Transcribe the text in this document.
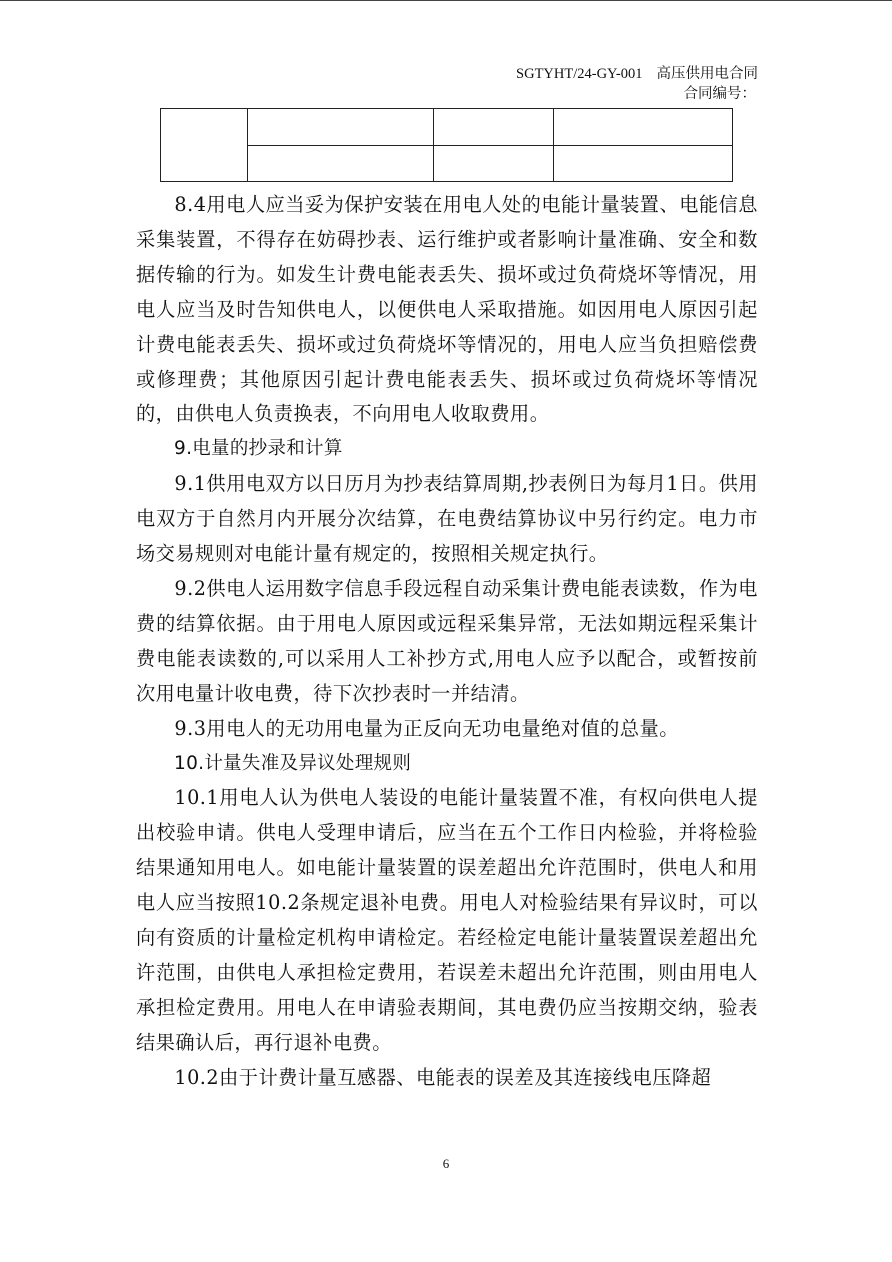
SGTYHT/24-GY-001 高压供用电合同
合同编号：

8.4用电人应当妥为保护安装在用电人处的电能计量装置、电能信息采集装置，不得存在妨碍抄表、运行维护或者影响计量准确、安全和数据传输的行为。如发生计费电能表丢失、损坏或过负荷烧坏等情况，用电人应当及时告知供电人，以便供电人采取措施。如因用电人原因引起计费电能表丢失、损坏或过负荷烧坏等情况的，用电人应当负担赔偿费或修理费；其他原因引起计费电能表丢失、损坏或过负荷烧坏等情况的，由供电人负责换表，不向用电人收取费用。

9.电量的抄录和计算

9.1供用电双方以日历月为抄表结算周期,抄表例日为每月1日。供用电双方于自然月内开展分次结算，在电费结算协议中另行约定。电力市场交易规则对电能计量有规定的，按照相关规定执行。

9.2供电人运用数字信息手段远程自动采集计费电能表读数，作为电费的结算依据。由于用电人原因或远程采集异常，无法如期远程采集计费电能表读数的,可以采用人工补抄方式,用电人应予以配合，或暂按前次用电量计收电费，待下次抄表时一并结清。

9.3用电人的无功用电量为正反向无功电量绝对值的总量。

10.计量失准及异议处理规则

10.1用电人认为供电人装设的电能计量装置不准，有权向供电人提出校验申请。供电人受理申请后，应当在五个工作日内检验，并将检验结果通知用电人。如电能计量装置的误差超出允许范围时，供电人和用电人应当按照10.2条规定退补电费。用电人对检验结果有异议时，可以向有资质的计量检定机构申请检定。若经检定电能计量装置误差超出允许范围，由供电人承担检定费用，若误差未超出允许范围，则由用电人承担检定费用。用电人在申请验表期间，其电费仍应当按期交纳，验表结果确认后，再行退补电费。

10.2由于计费计量互感器、电能表的误差及其连接线电压降超

6
